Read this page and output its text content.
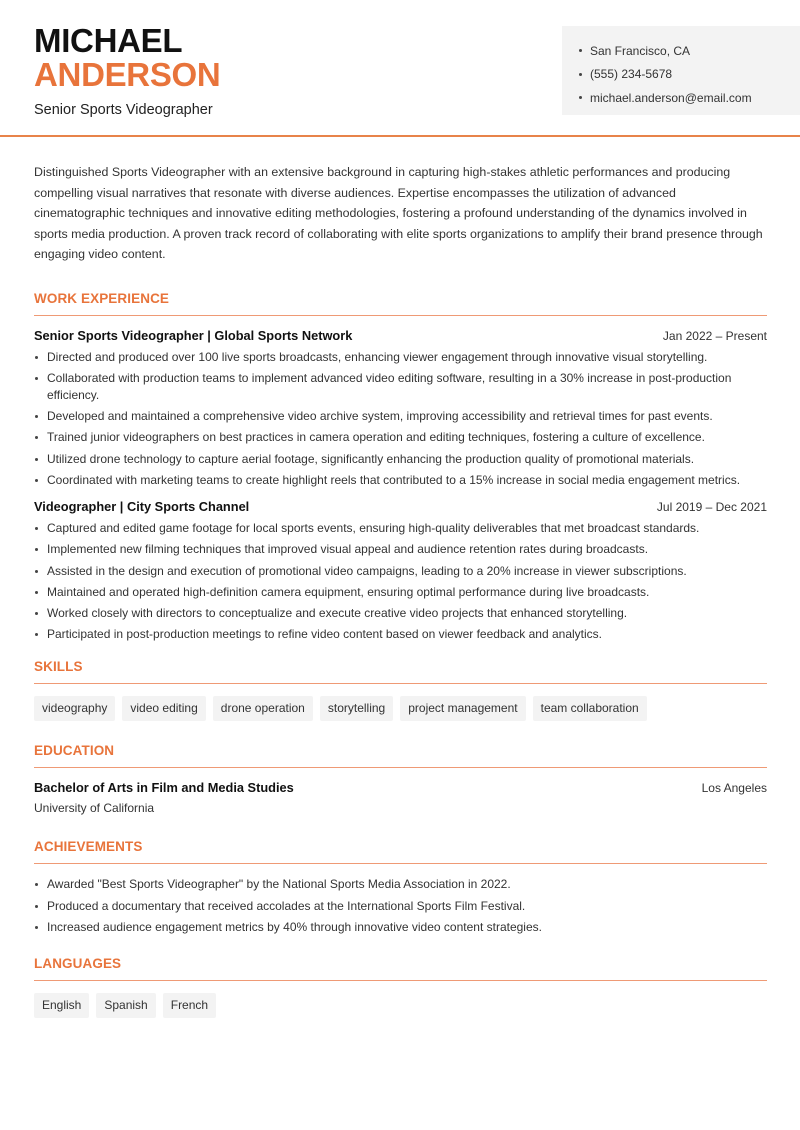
MICHAEL
ANDERSON
Senior Sports Videographer
San Francisco, CA
(555) 234-5678
michael.anderson@email.com

Distinguished Sports Videographer with an extensive background in capturing high-stakes athletic performances and producing compelling visual narratives that resonate with diverse audiences. Expertise encompasses the utilization of advanced cinematographic techniques and innovative editing methodologies, fostering a profound understanding of the dynamics involved in sports media production. A proven track record of collaborating with elite sports organizations to amplify their brand presence through engaging video content.

WORK EXPERIENCE
Senior Sports Videographer | Global Sports Network	Jan 2022 – Present
Directed and produced over 100 live sports broadcasts, enhancing viewer engagement through innovative visual storytelling.
Collaborated with production teams to implement advanced video editing software, resulting in a 30% increase in post-production efficiency.
Developed and maintained a comprehensive video archive system, improving accessibility and retrieval times for past events.
Trained junior videographers on best practices in camera operation and editing techniques, fostering a culture of excellence.
Utilized drone technology to capture aerial footage, significantly enhancing the production quality of promotional materials.
Coordinated with marketing teams to create highlight reels that contributed to a 15% increase in social media engagement metrics.
Videographer | City Sports Channel	Jul 2019 – Dec 2021
Captured and edited game footage for local sports events, ensuring high-quality deliverables that met broadcast standards.
Implemented new filming techniques that improved visual appeal and audience retention rates during broadcasts.
Assisted in the design and execution of promotional video campaigns, leading to a 20% increase in viewer subscriptions.
Maintained and operated high-definition camera equipment, ensuring optimal performance during live broadcasts.
Worked closely with directors to conceptualize and execute creative video projects that enhanced storytelling.
Participated in post-production meetings to refine video content based on viewer feedback and analytics.
SKILLS
videography	video editing	drone operation	storytelling	project management	team collaboration
EDUCATION
Bachelor of Arts in Film and Media Studies	Los Angeles
University of California
ACHIEVEMENTS
Awarded "Best Sports Videographer" by the National Sports Media Association in 2022.
Produced a documentary that received accolades at the International Sports Film Festival.
Increased audience engagement metrics by 40% through innovative video content strategies.
LANGUAGES
English	Spanish	French
